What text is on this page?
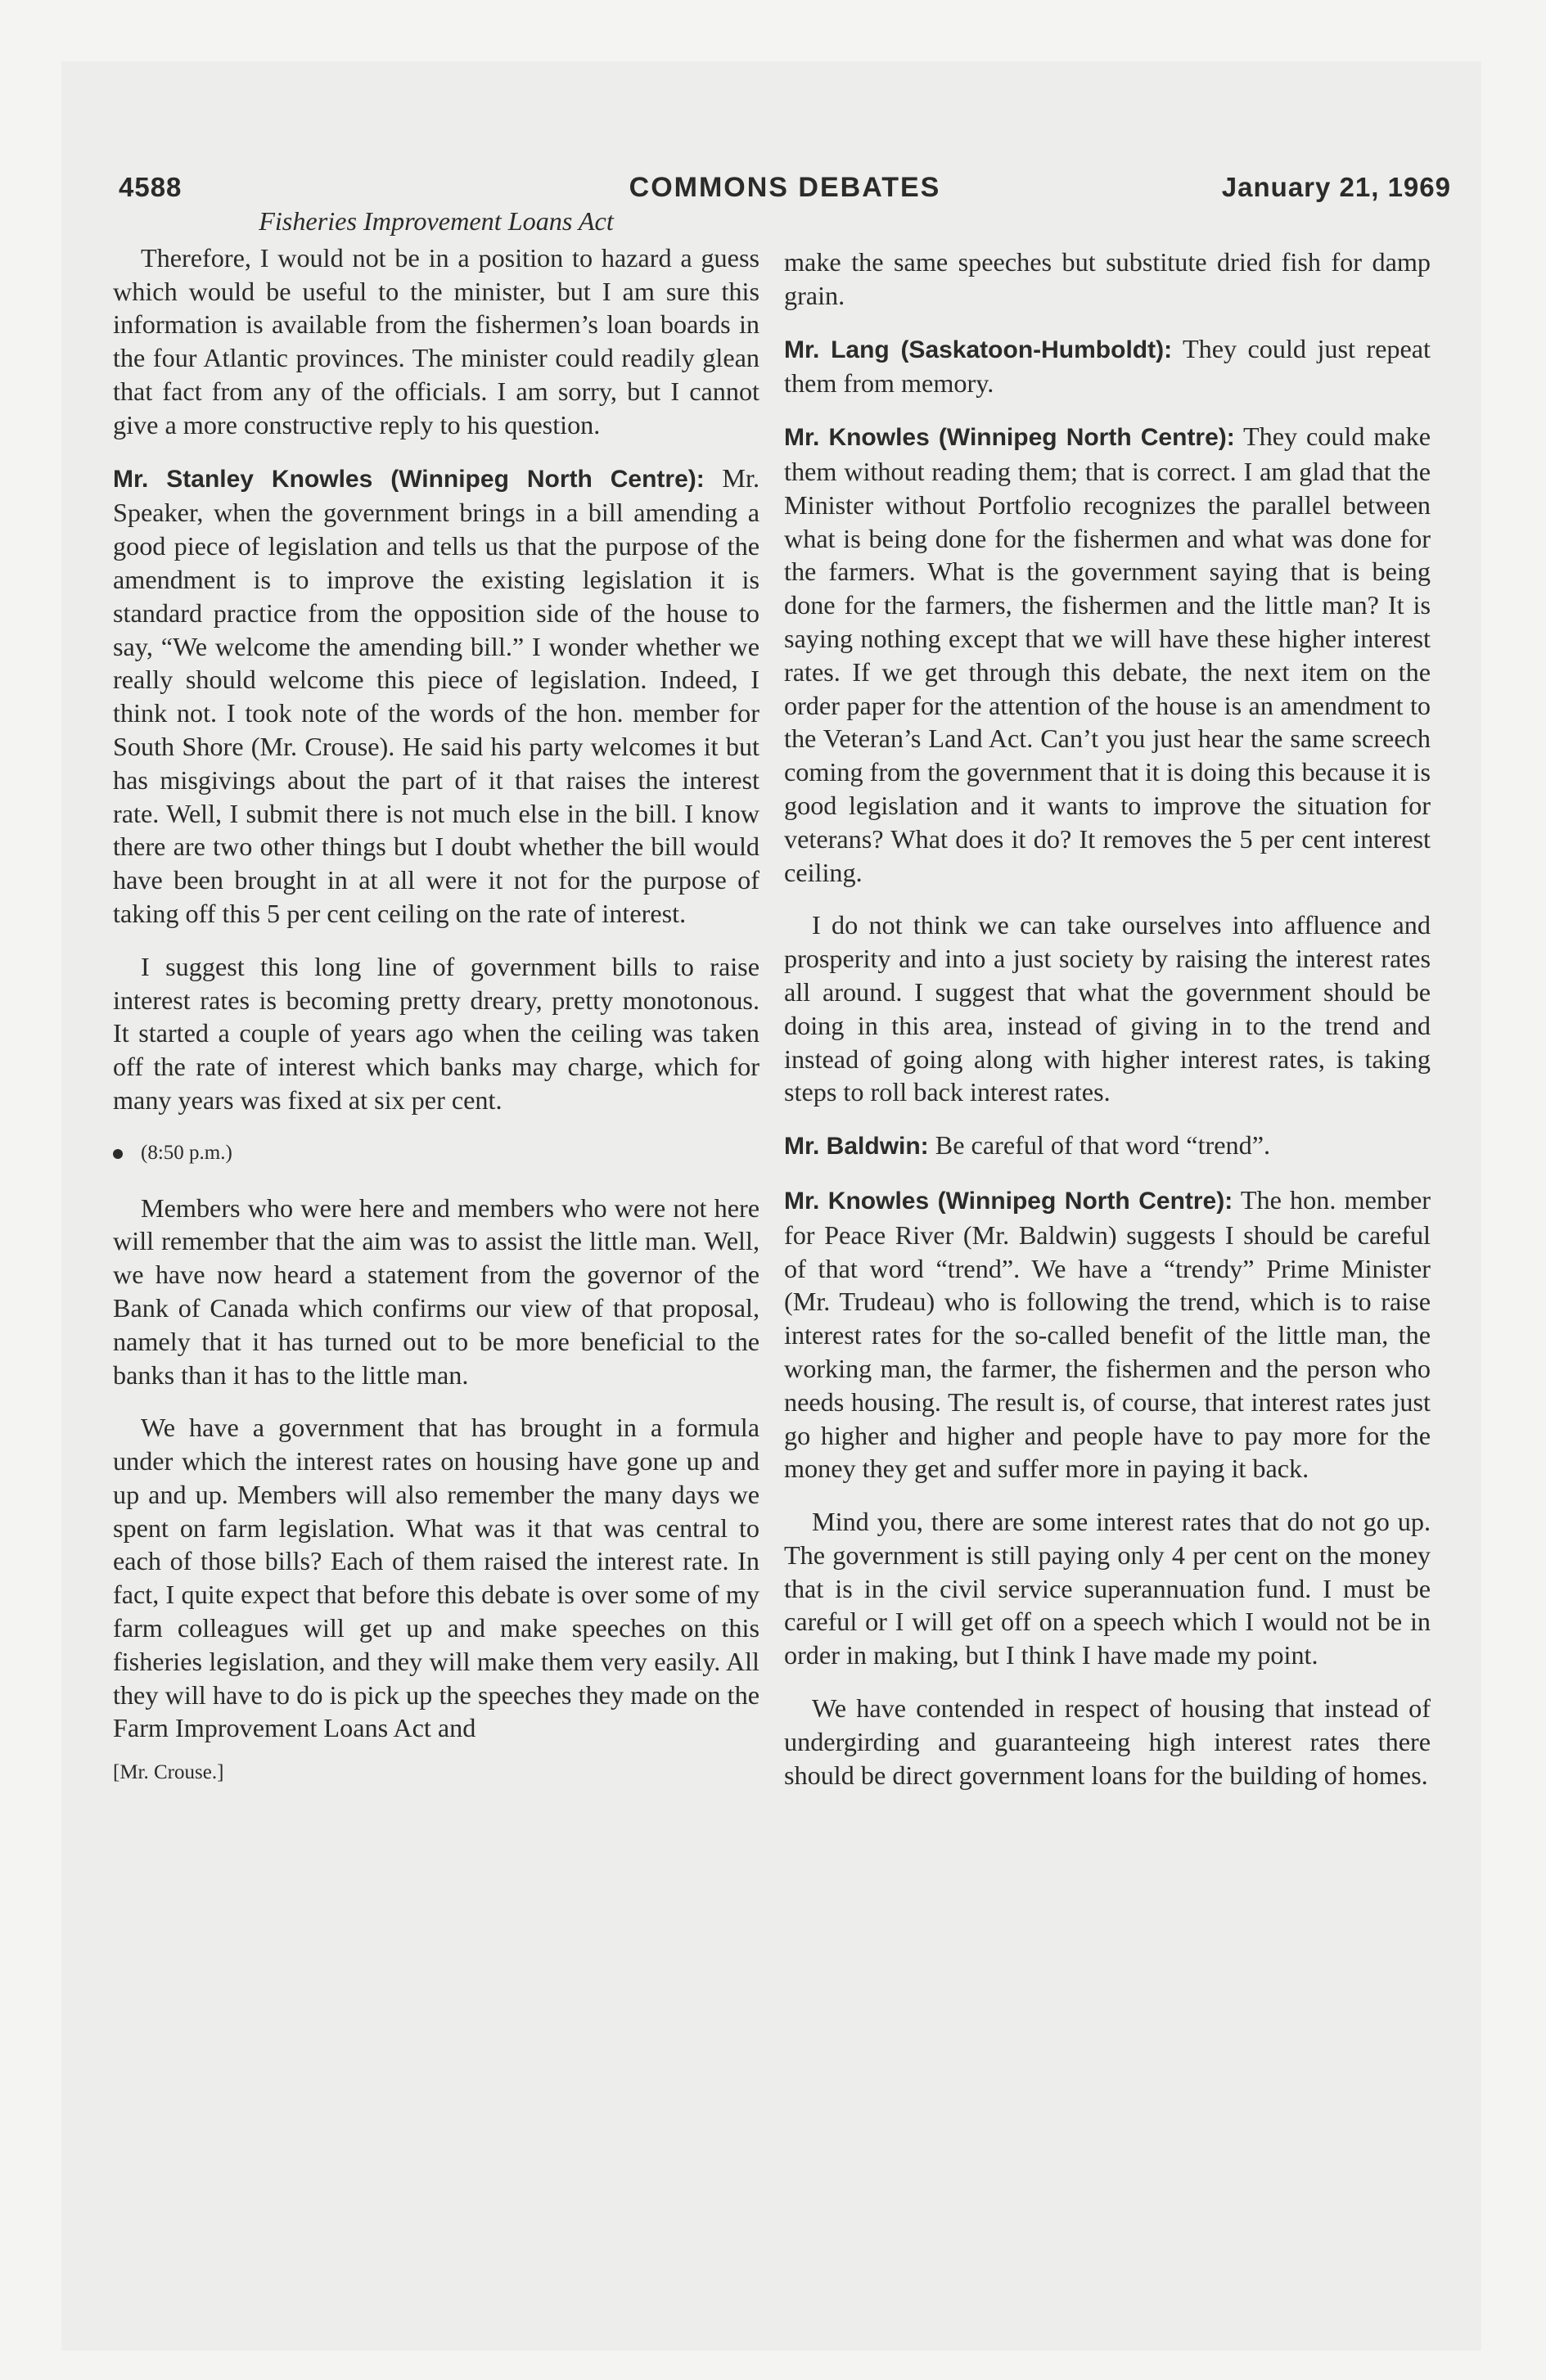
4588	COMMONS DEBATES	January 21, 1969
Fisheries Improvement Loans Act

Therefore, I would not be in a position to hazard a guess which would be useful to the minister, but I am sure this information is available from the fishermen’s loan boards in the four Atlantic provinces. The minister could readily glean that fact from any of the officials. I am sorry, but I cannot give a more constructive reply to his question.

Mr. Stanley Knowles (Winnipeg North Centre): Mr. Speaker, when the government brings in a bill amending a good piece of legislation and tells us that the purpose of the amendment is to improve the existing legislation it is standard practice from the opposition side of the house to say, “We welcome the amending bill.” I wonder whether we really should welcome this piece of legislation. Indeed, I think not. I took note of the words of the hon. member for South Shore (Mr. Crouse). He said his party welcomes it but has misgivings about the part of it that raises the interest rate. Well, I submit there is not much else in the bill. I know there are two other things but I doubt whether the bill would have been brought in at all were it not for the purpose of taking off this 5 per cent ceiling on the rate of interest.

I suggest this long line of government bills to raise interest rates is becoming pretty dreary, pretty monotonous. It started a couple of years ago when the ceiling was taken off the rate of interest which banks may charge, which for many years was fixed at six per cent.

(8:50 p.m.)

Members who were here and members who were not here will remember that the aim was to assist the little man. Well, we have now heard a statement from the governor of the Bank of Canada which confirms our view of that proposal, namely that it has turned out to be more beneficial to the banks than it has to the little man.

We have a government that has brought in a formula under which the interest rates on housing have gone up and up and up. Members will also remember the many days we spent on farm legislation. What was it that was central to each of those bills? Each of them raised the interest rate. In fact, I quite expect that before this debate is over some of my farm colleagues will get up and make speeches on this fisheries legislation, and they will make them very easily. All they will have to do is pick up the speeches they made on the Farm Improvement Loans Act and

[Mr. Crouse.]

make the same speeches but substitute dried fish for damp grain.

Mr. Lang (Saskatoon-Humboldt): They could just repeat them from memory.

Mr. Knowles (Winnipeg North Centre): They could make them without reading them; that is correct. I am glad that the Minister without Portfolio recognizes the parallel between what is being done for the fishermen and what was done for the farmers. What is the government saying that is being done for the farmers, the fishermen and the little man? It is saying nothing except that we will have these higher interest rates. If we get through this debate, the next item on the order paper for the attention of the house is an amendment to the Veteran’s Land Act. Can’t you just hear the same screech coming from the government that it is doing this because it is good legislation and it wants to improve the situation for veterans? What does it do? It removes the 5 per cent interest ceiling.

I do not think we can take ourselves into affluence and prosperity and into a just society by raising the interest rates all around. I suggest that what the government should be doing in this area, instead of giving in to the trend and instead of going along with higher interest rates, is taking steps to roll back interest rates.

Mr. Baldwin: Be careful of that word “trend”.

Mr. Knowles (Winnipeg North Centre): The hon. member for Peace River (Mr. Baldwin) suggests I should be careful of that word “trend”. We have a “trendy” Prime Minister (Mr. Trudeau) who is following the trend, which is to raise interest rates for the so-called benefit of the little man, the working man, the farmer, the fishermen and the person who needs housing. The result is, of course, that interest rates just go higher and higher and people have to pay more for the money they get and suffer more in paying it back.

Mind you, there are some interest rates that do not go up. The government is still paying only 4 per cent on the money that is in the civil service superannuation fund. I must be careful or I will get off on a speech which I would not be in order in making, but I think I have made my point.

We have contended in respect of housing that instead of undergirding and guaranteeing high interest rates there should be direct government loans for the building of homes.
